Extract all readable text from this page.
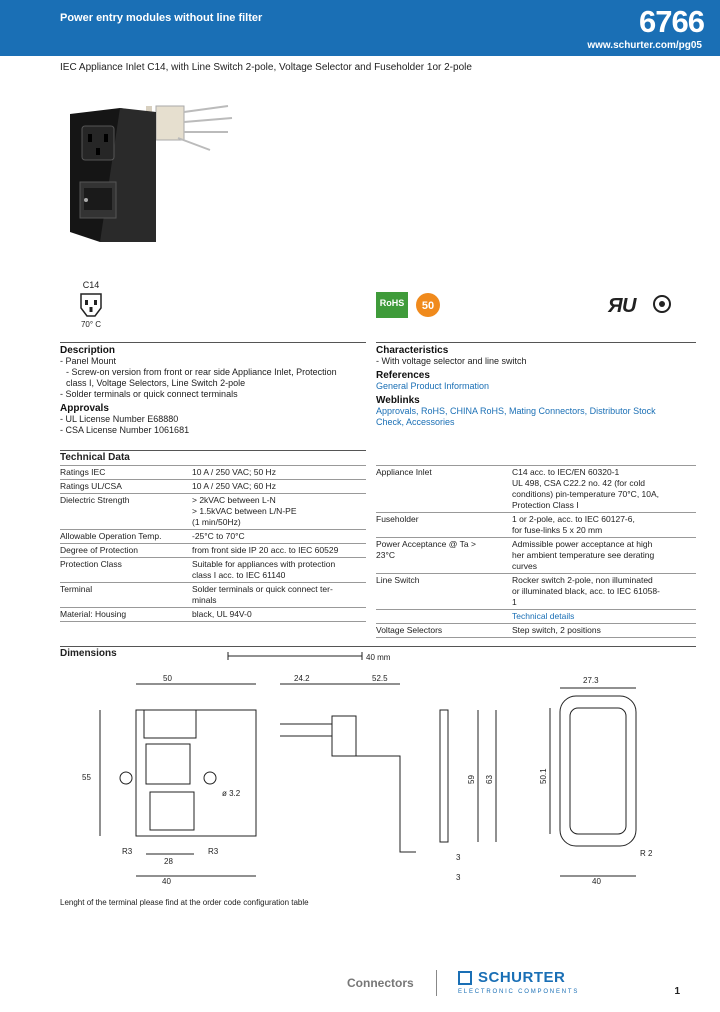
Power entry modules without line filter	6766
www.schurter.com/pg05
IEC Appliance Inlet C14, with Line Switch 2-pole, Voltage Selector and Fuseholder 1or 2-pole
C14
70° C
RoHS 50	Я U
Description
- Panel Mount
- Screw-on version from front or rear side Appliance Inlet, Protection
class I, Voltage Selectors, Line Switch 2-pole
- Solder terminals or quick connect terminals
Approvals
- UL License Number E68880
- CSA License Number 1061681
Characteristics
- With voltage selector and line switch
References
General Product Information
Weblinks
Approvals, RoHS, CHINA RoHS, Mating Connectors, Distributor Stock
Check, Accessories
Technical Data
Ratings IEC	10 A / 250 VAC; 50 Hz
Ratings UL/CSA	10 A / 250 VAC; 60 Hz
Dielectric Strength	> 2kVAC between L-N
> 1.5kVAC between L/N-PE
(1 min/50Hz)
Allowable Operation Temp.	-25°C to 70°C
Degree of Protection	from front side IP 20 acc. to IEC 60529
Protection Class	Suitable for appliances with protection
class I acc. to IEC 61140
Terminal	Solder terminals or quick connect ter-
minals
Material: Housing	black, UL 94V-0
Appliance Inlet	C14 acc. to IEC/EN 60320-1
UL 498, CSA C22.2 no. 42 (for cold
conditions) pin-temperature 70°C, 10A,
Protection Class I
Fuseholder	1 or 2-pole, acc. to IEC 60127-6,
for fuse-links 5 x 20 mm
Power Acceptance @ Ta >
23°C	Admissible power acceptance at high
her ambient temperature see derating
curves
Line Switch	Rocker switch 2-pole, non illuminated
or illuminated black, acc. to IEC 61058-
1
	Technical details
Voltage Selectors	Step switch, 2 positions
Dimensions	40 mm
50
55
28
40
R3	R3
ø 3.2
24.2	52.5
59 63
3
3
27.3
50.1
40
R 2
Lenght of the terminal please find at the order code configuration table
Connectors	SCHURTER
ELECTRONIC COMPONENTS	1
